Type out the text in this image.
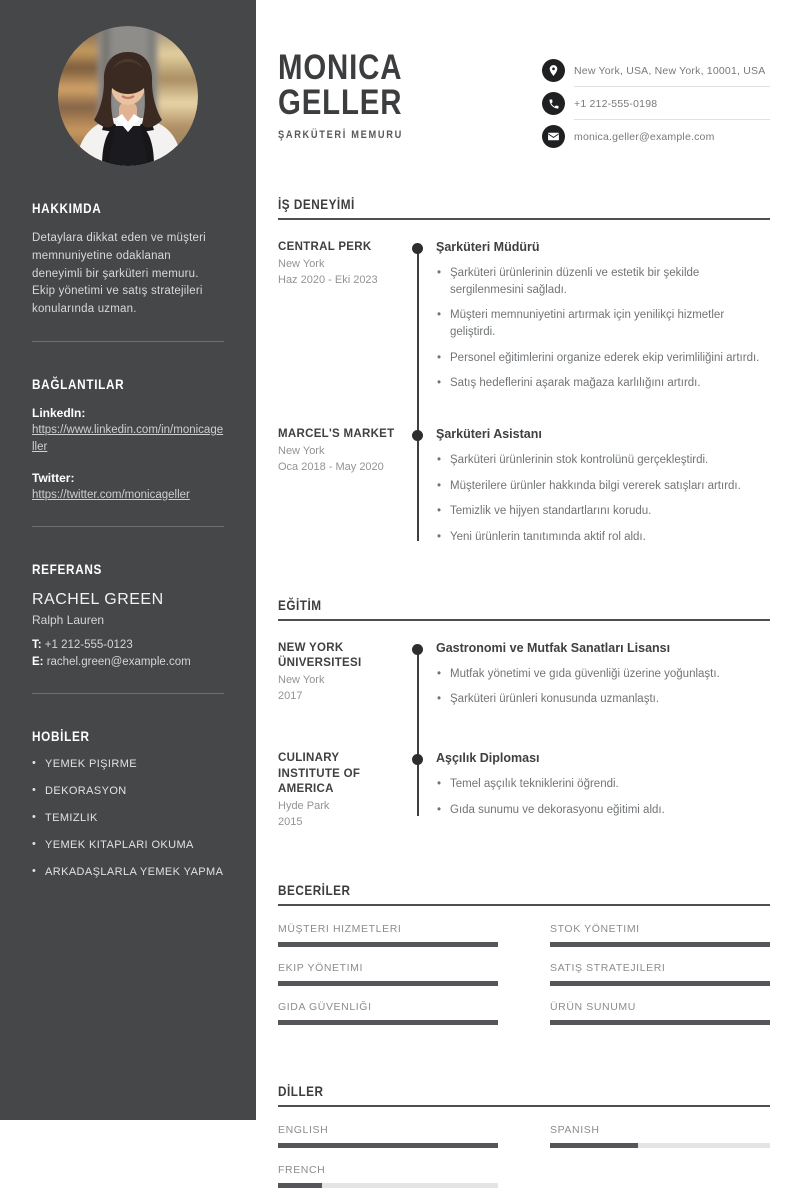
HAKKIMDA

Detaylara dikkat eden ve müşteri memnuniyetine odaklanan deneyimli bir şarküteri memuru. Ekip yönetimi ve satış stratejileri konularında uzman.

BAĞLANTILAR
LinkedIn:
https://www.linkedin.com/in/monicageller
Twitter:
https://twitter.com/monicageller
REFERANS
RACHEL GREEN
Ralph Lauren
T: +1 212-555-0123
E: rachel.green@example.com
HOBİLER
• YEMEK PIŞIRME
• DEKORASYON
• TEMIZLIK
• YEMEK KITAPLARI OKUMA
• ARKADAŞLARLA YEMEK YAPMA
MONICA
GELLER
ŞARKÜTERİ MEMURU
New York, USA, New York, 10001, USA
+1 212-555-0198
monica.geller@example.com
İŞ DENEYİMİ
CENTRAL PERK
New York
Haz 2020 - Eki 2023
Şarküteri Müdürü
• Şarküteri ürünlerinin düzenli ve estetik bir şekilde sergilenmesini sağladı.
• Müşteri memnuniyetini artırmak için yenilikçi hizmetler geliştirdi.
• Personel eğitimlerini organize ederek ekip verimliliğini artırdı.
• Satış hedeflerini aşarak mağaza karlılığını artırdı.
MARCEL'S MARKET
New York
Oca 2018 - May 2020
Şarküteri Asistanı
• Şarküteri ürünlerinin stok kontrolünü gerçekleştirdi.
• Müşterilere ürünler hakkında bilgi vererek satışları artırdı.
• Temizlik ve hijyen standartlarını korudu.
• Yeni ürünlerin tanıtımında aktif rol aldı.
EĞİTİM
NEW YORK ÜNIVERSITESI
New York
2017
Gastronomi ve Mutfak Sanatları Lisansı
• Mutfak yönetimi ve gıda güvenliği üzerine yoğunlaştı.
• Şarküteri ürünleri konusunda uzmanlaştı.
CULINARY INSTITUTE OF AMERICA
Hyde Park
2015
Aşçılık Diploması
• Temel aşçılık tekniklerini öğrendi.
• Gıda sunumu ve dekorasyonu eğitimi aldı.
BECERİLER
MÜŞTERI HIZMETLERI	STOK YÖNETIMI
EKIP YÖNETIMI	SATIŞ STRATEJILERI
GIDA GÜVENLIĞI	ÜRÜN SUNUMU
DİLLER
ENGLISH	SPANISH
FRENCH
